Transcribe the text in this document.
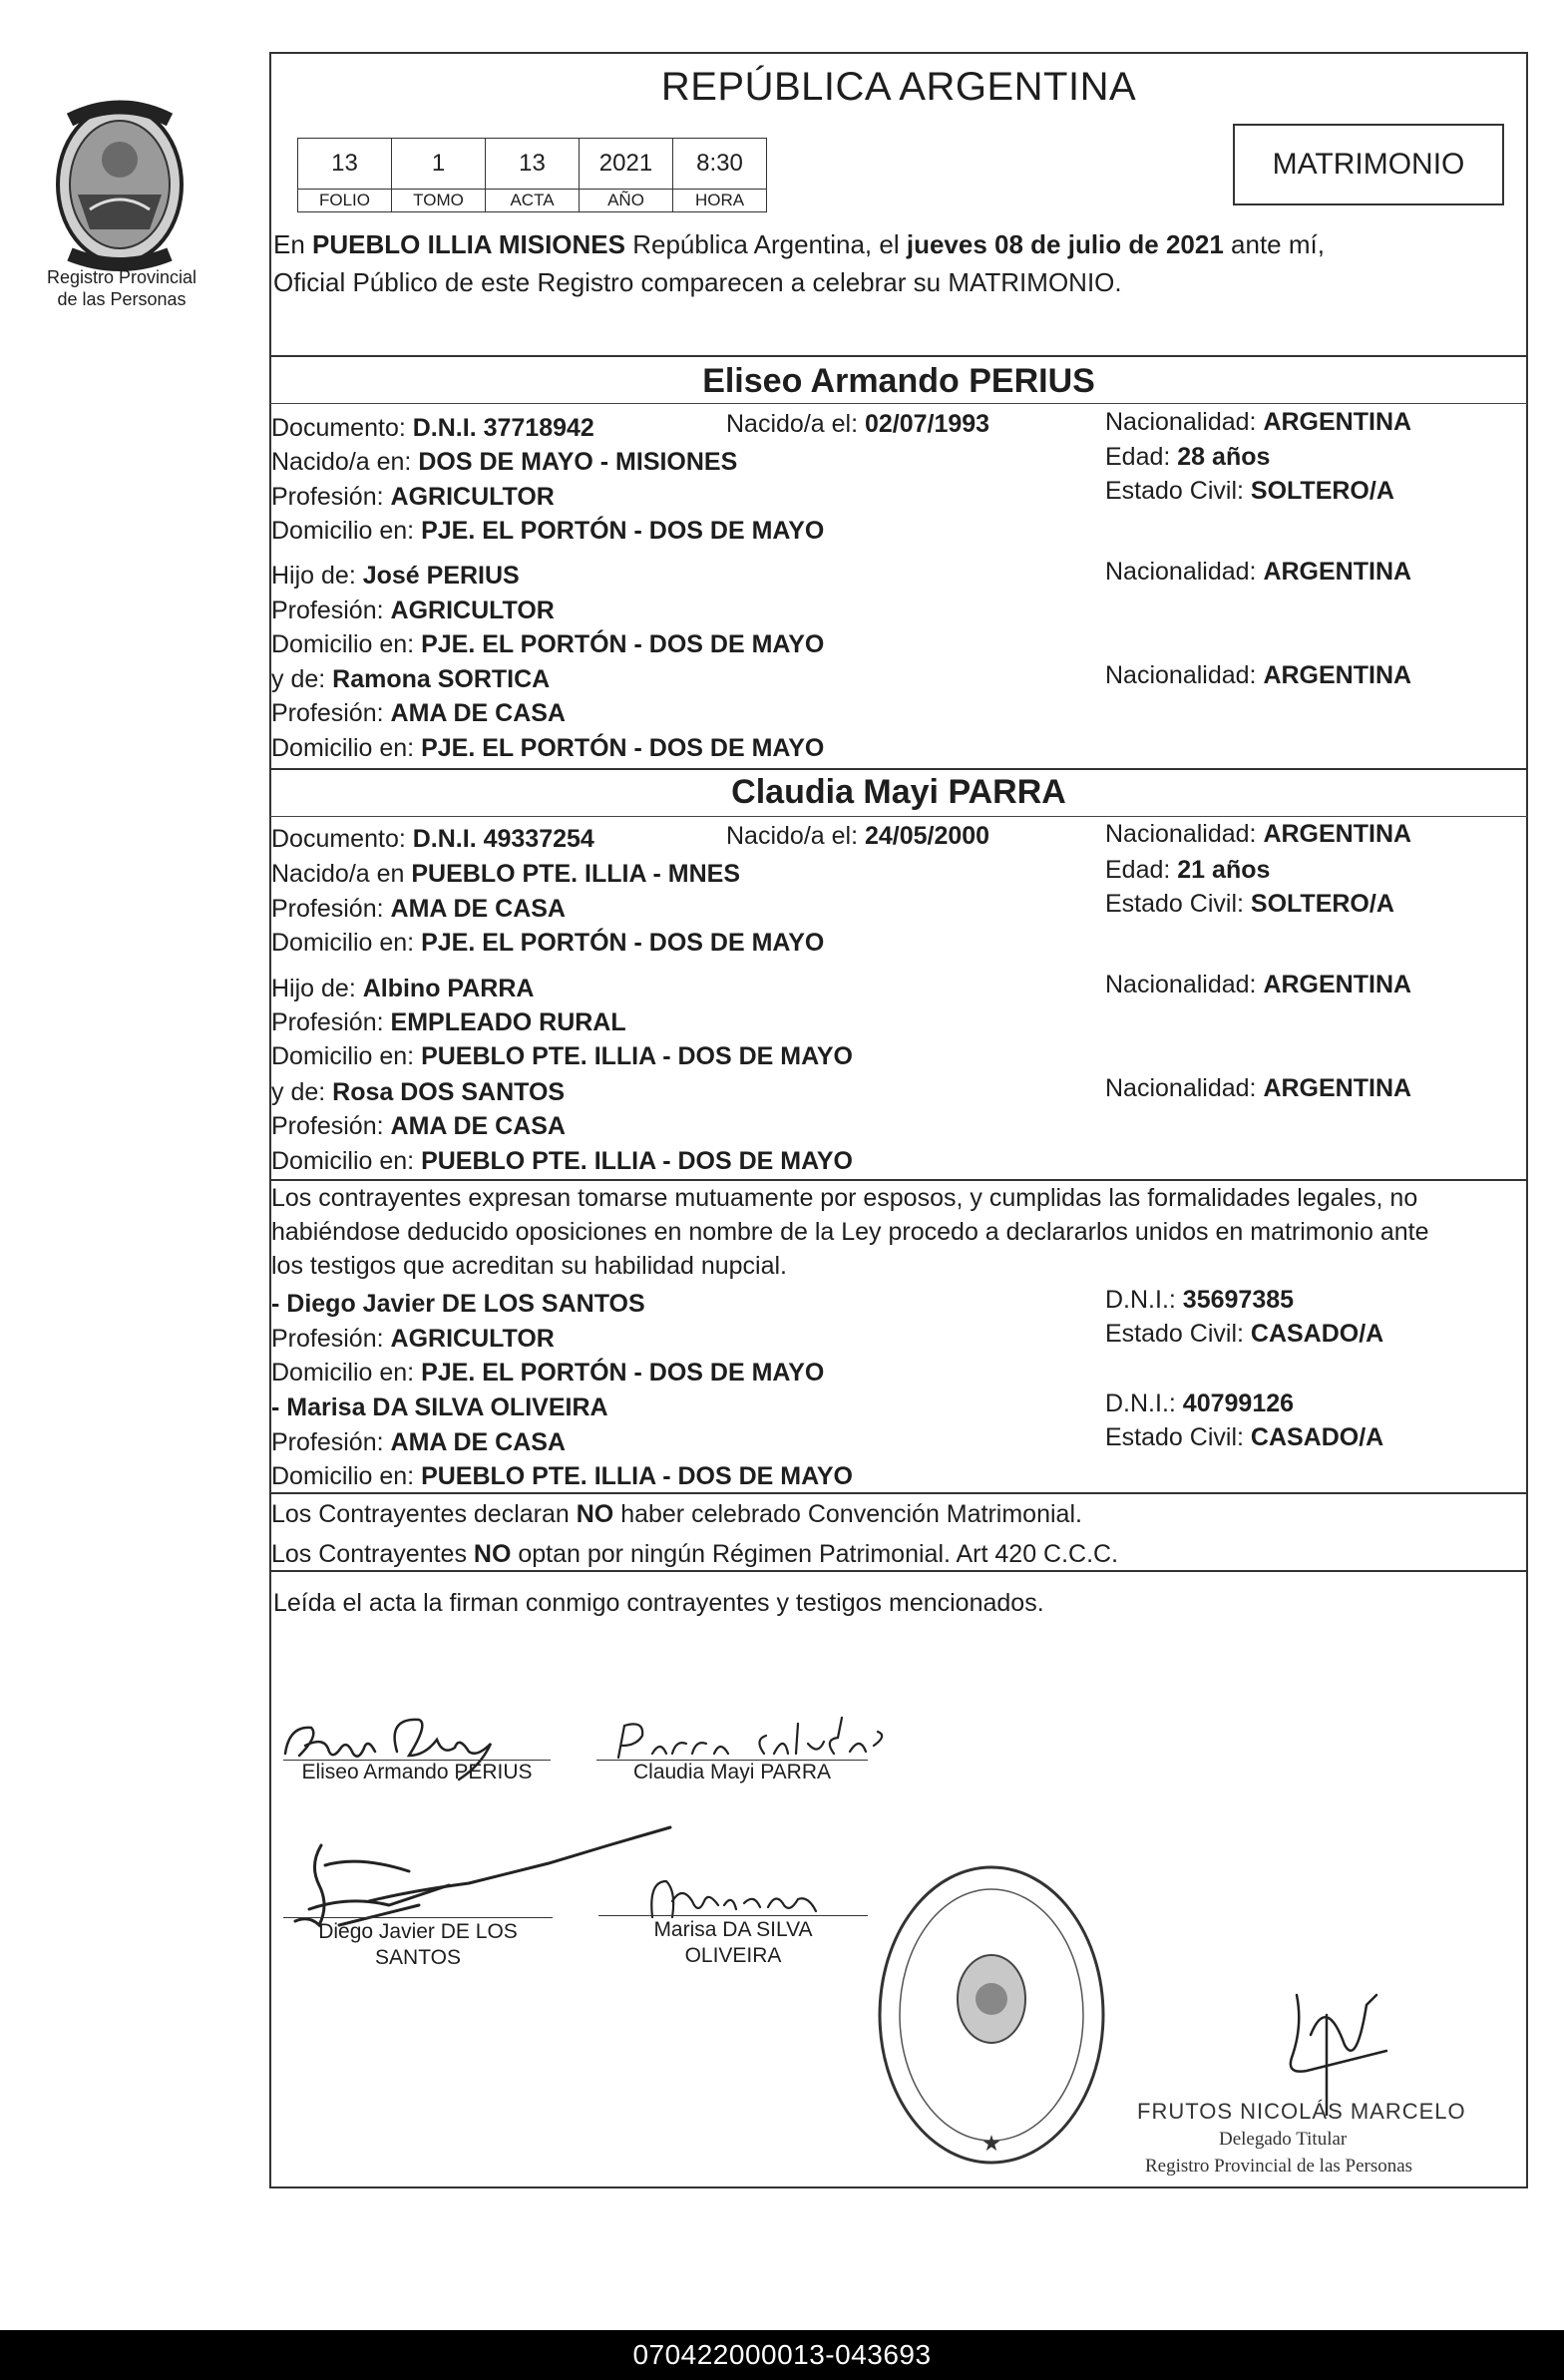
Registro Provincial
de las Personas
REPÚBLICA ARGENTINA
13	1	13	2021	8:30
FOLIO	TOMO	ACTA	AÑO	HORA
MATRIMONIO
En PUEBLO ILLIA MISIONES República Argentina, el jueves 08 de julio de 2021 ante mí,
Oficial Público de este Registro comparecen a celebrar su MATRIMONIO.
Eliseo Armando PERIUS
Documento: D.N.I. 37718942	Nacido/a el: 02/07/1993	Nacionalidad: ARGENTINA
Nacido/a en: DOS DE MAYO - MISIONES	Edad: 28 años
Profesión: AGRICULTOR	Estado Civil: SOLTERO/A
Domicilio en: PJE. EL PORTÓN - DOS DE MAYO
Hijo de: José PERIUS	Nacionalidad: ARGENTINA
Profesión: AGRICULTOR
Domicilio en: PJE. EL PORTÓN - DOS DE MAYO
y de: Ramona SORTICA	Nacionalidad: ARGENTINA
Profesión: AMA DE CASA
Domicilio en: PJE. EL PORTÓN - DOS DE MAYO
Claudia Mayi PARRA
Documento: D.N.I. 49337254	Nacido/a el: 24/05/2000	Nacionalidad: ARGENTINA
Nacido/a en PUEBLO PTE. ILLIA - MNES	Edad: 21 años
Profesión: AMA DE CASA	Estado Civil: SOLTERO/A
Domicilio en: PJE. EL PORTÓN - DOS DE MAYO
Hijo de: Albino PARRA	Nacionalidad: ARGENTINA
Profesión: EMPLEADO RURAL
Domicilio en: PUEBLO PTE. ILLIA - DOS DE MAYO
y de: Rosa DOS SANTOS	Nacionalidad: ARGENTINA
Profesión: AMA DE CASA
Domicilio en: PUEBLO PTE. ILLIA - DOS DE MAYO
Los contrayentes expresan tomarse mutuamente por esposos, y cumplidas las formalidades legales, no
habiéndose deducido oposiciones en nombre de la Ley procedo a declararlos unidos en matrimonio ante
los testigos que acreditan su habilidad nupcial.
- Diego Javier DE LOS SANTOS	D.N.I.: 35697385
Profesión: AGRICULTOR	Estado Civil: CASADO/A
Domicilio en: PJE. EL PORTÓN - DOS DE MAYO
- Marisa DA SILVA OLIVEIRA	D.N.I.: 40799126
Profesión: AMA DE CASA	Estado Civil: CASADO/A
Domicilio en: PUEBLO PTE. ILLIA - DOS DE MAYO
Los Contrayentes declaran NO haber celebrado Convención Matrimonial.
Los Contrayentes NO optan por ningún Régimen Patrimonial. Art 420 C.C.C.
Leída el acta la firman conmigo contrayentes y testigos mencionados.
Eliseo Armando PERIUS	Claudia Mayi PARRA
Diego Javier DE LOS
SANTOS
Marisa DA SILVA
OLIVEIRA
★
FRUTOS NICOLÁS MARCELO
Delegado Titular
Registro Provincial de las Personas
070422000013-043693
